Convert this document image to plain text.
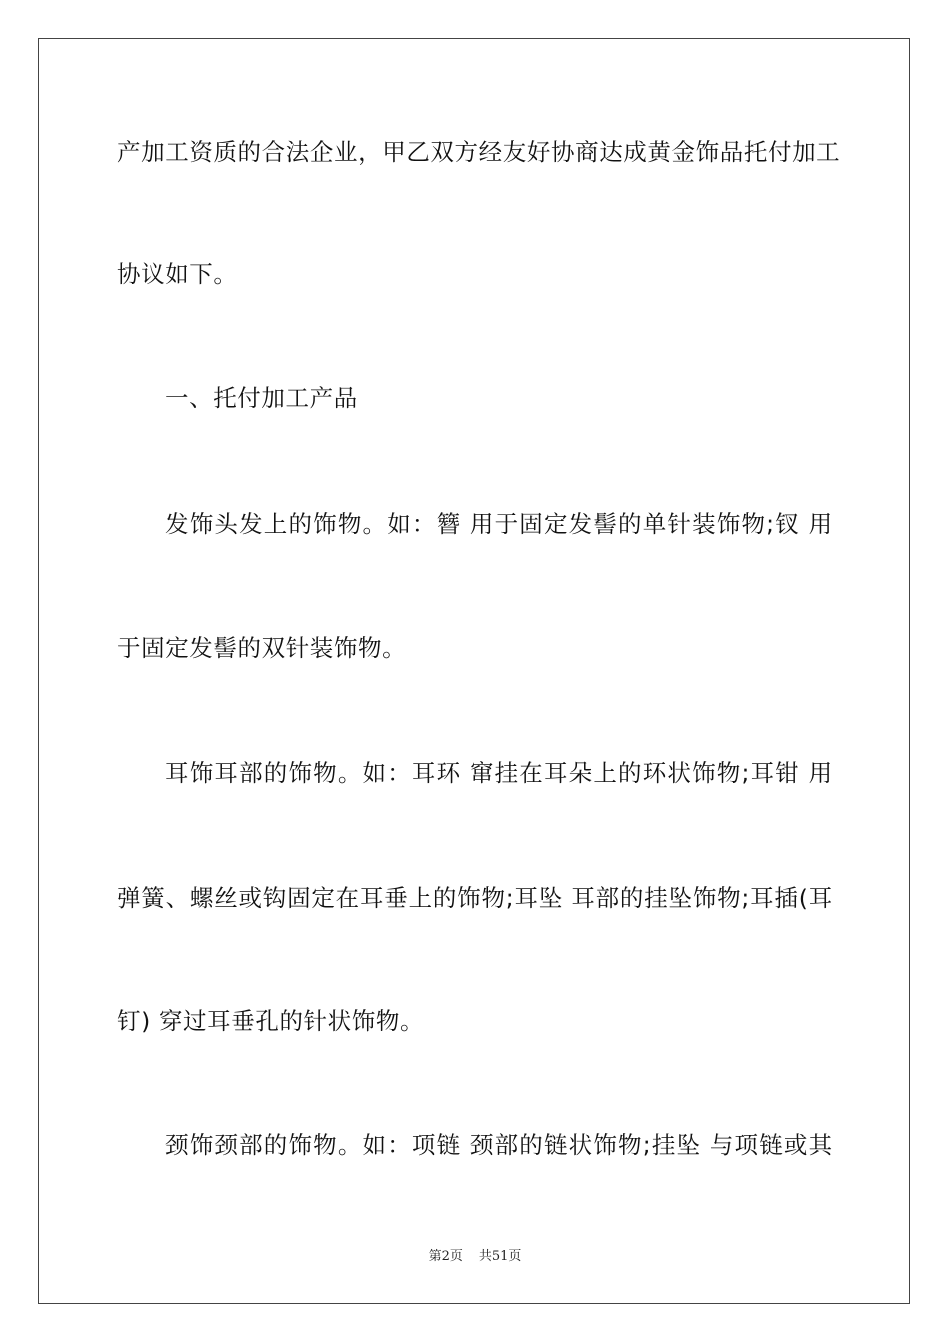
产 加 工 资 质 的 合 法 企 业 ， 甲 乙 双 方 经 友 好 协 商 达 成 黄 金 饰 品 托 付 加 工
协议如下。
一、托付加工产品
发 饰 头 发 上 的 饰 物 。 如 ： 簪
用 于 固 定 发 髻 的 单 针 装 饰 物 ; 钗
用
于固定发髻的双针装饰物。
耳 饰 耳 部 的 饰 物 。 如 ： 耳 环
窜 挂 在 耳 朵 上 的 环 状 饰 物 ; 耳 钳
用
弹 簧 、 螺 丝 或 钩 固 定 在 耳 垂 上 的 饰 物 ; 耳 坠
耳 部 的 挂 坠 饰 物 ; 耳 插 ( 耳
钉) 穿过耳垂孔的针状饰物。
颈 饰 颈 部 的 饰 物 。 如 ： 项 链
颈 部 的 链 状 饰 物 ; 挂 坠
与 项 链 或 其
第2页 共51页
